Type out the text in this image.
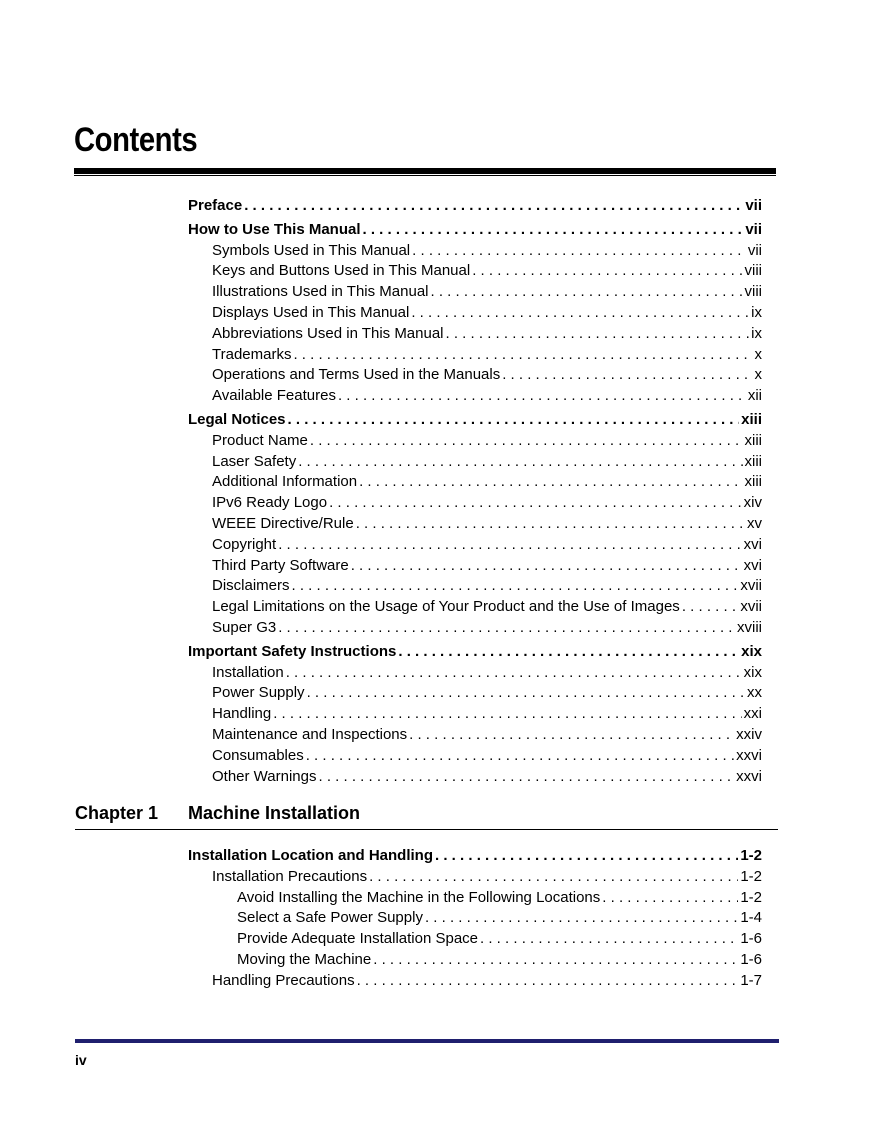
Contents
Preface . . .	vii
How to Use This Manual . . .	vii
Symbols Used in This Manual . . .	vii
Keys and Buttons Used in This Manual . . .	viii
Illustrations Used in This Manual . . .	viii
Displays Used in This Manual . . .	ix
Abbreviations Used in This Manual . . .	ix
Trademarks . . .	x
Operations and Terms Used in the Manuals . . .	x
Available Features . . .	xii
Legal Notices . . .	xiii
Product Name . . .	xiii
Laser Safety . . .	xiii
Additional Information . . .	xiii
IPv6 Ready Logo . . .	xiv
WEEE Directive/Rule . . .	xv
Copyright . . .	xvi
Third Party Software . . .	xvi
Disclaimers . . .	xvii
Legal Limitations on the Usage of Your Product and the Use of Images . . .	xvii
Super G3 . . .	xviii
Important Safety Instructions . . .	xix
Installation . . .	xix
Power Supply . . .	xx
Handling . . .	xxi
Maintenance and Inspections . . .	xxiv
Consumables . . .	xxvi
Other Warnings . . .	xxvi
Chapter 1 Machine Installation
Installation Location and Handling . . .	1-2
Installation Precautions . . .	1-2
Avoid Installing the Machine in the Following Locations . . .	1-2
Select a Safe Power Supply . . .	1-4
Provide Adequate Installation Space . . .	1-6
Moving the Machine . . .	1-6
Handling Precautions . . .	1-7
iv
